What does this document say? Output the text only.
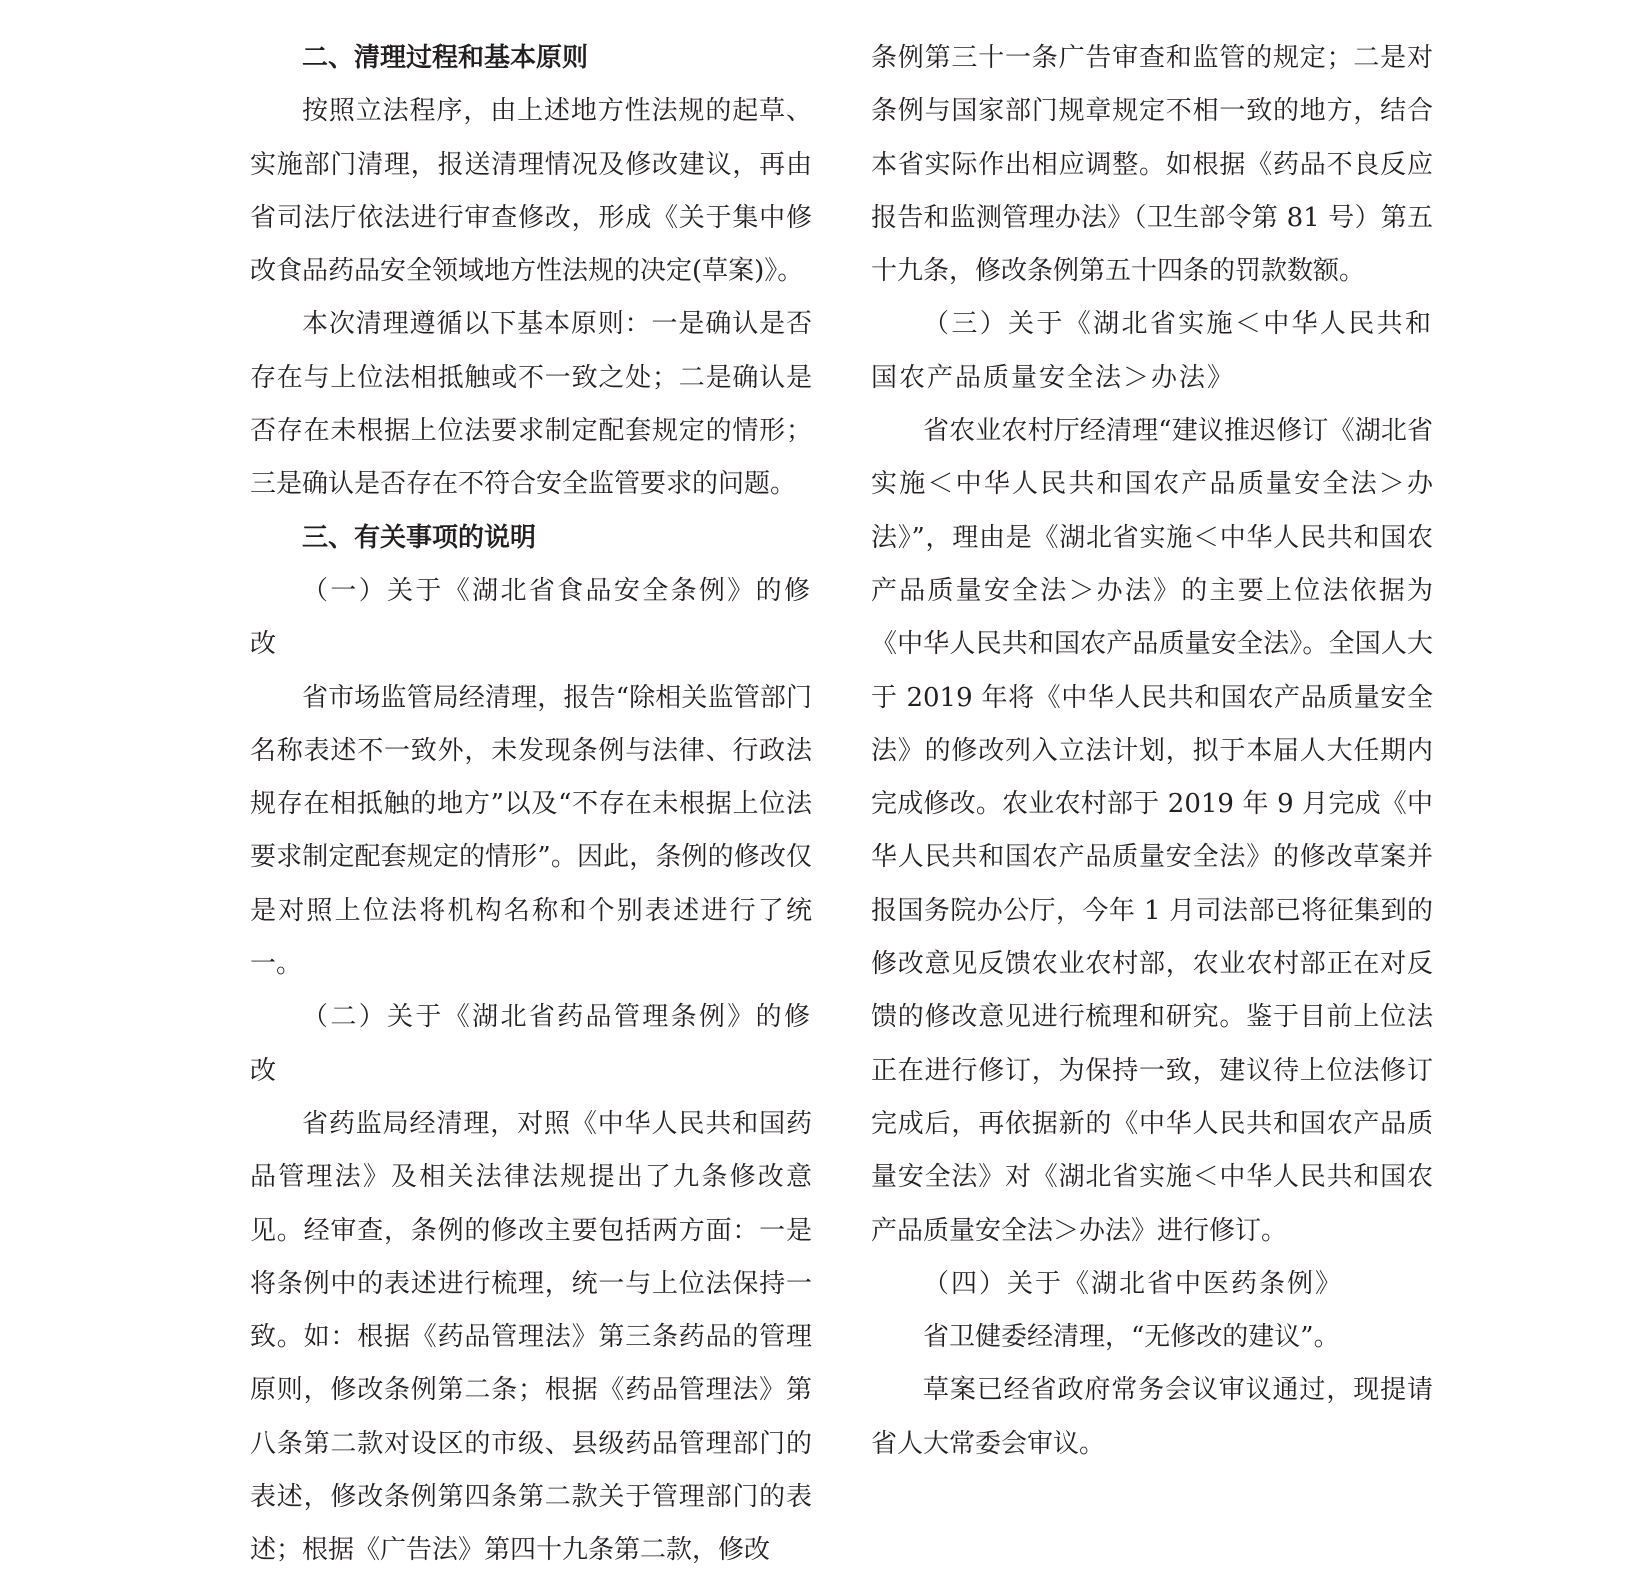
二、清理过程和基本原则

按照立法程序，由上述地方性法规的起草、实施部门清理，报送清理情况及修改建议，再由省司法厅依法进行审查修改，形成《关于集中修改食品药品安全领域地方性法规的决定(草案)》。

本次清理遵循以下基本原则：一是确认是否存在与上位法相抵触或不一致之处；二是确认是否存在未根据上位法要求制定配套规定的情形；三是确认是否存在不符合安全监管要求的问题。

三、有关事项的说明
（一）关于《湖北省食品安全条例》的修改

省市场监管局经清理，报告“除相关监管部门名称表述不一致外，未发现条例与法律、行政法规存在相抵触的地方”以及“不存在未根据上位法要求制定配套规定的情形”。因此，条例的修改仅是对照上位法将机构名称和个别表述进行了统一。

（二）关于《湖北省药品管理条例》的修改

省药监局经清理，对照《中华人民共和国药品管理法》及相关法律法规提出了九条修改意见。经审查，条例的修改主要包括两方面：一是将条例中的表述进行梳理，统一与上位法保持一致。如：根据《药品管理法》第三条药品的管理原则，修改条例第二条；根据《药品管理法》第八条第二款对设区的市级、县级药品管理部门的表述，修改条例第四条第二款关于管理部门的表述；根据《广告法》第四十九条第二款，修改

条例第三十一条广告审查和监管的规定；二是对条例与国家部门规章规定不相一致的地方，结合本省实际作出相应调整。如根据《药品不良反应报告和监测管理办法》（卫生部令第 81 号）第五十九条，修改条例第五十四条的罚款数额。

（三）关于《湖北省实施＜中华人民共和国农产品质量安全法＞办法》

省农业农村厅经清理“建议推迟修订《湖北省实施＜中华人民共和国农产品质量安全法＞办法》”，理由是《湖北省实施＜中华人民共和国农产品质量安全法＞办法》的主要上位法依据为《中华人民共和国农产品质量安全法》。全国人大于 2019 年将《中华人民共和国农产品质量安全法》的修改列入立法计划，拟于本届人大任期内完成修改。农业农村部于 2019 年 9 月完成《中华人民共和国农产品质量安全法》的修改草案并报国务院办公厅，今年 1 月司法部已将征集到的修改意见反馈农业农村部，农业农村部正在对反馈的修改意见进行梳理和研究。鉴于目前上位法正在进行修订，为保持一致，建议待上位法修订完成后，再依据新的《中华人民共和国农产品质量安全法》对《湖北省实施＜中华人民共和国农产品质量安全法＞办法》进行修订。

（四）关于《湖北省中医药条例》

省卫健委经清理，“无修改的建议”。

草案已经省政府常务会议审议通过，现提请省人大常委会审议。
